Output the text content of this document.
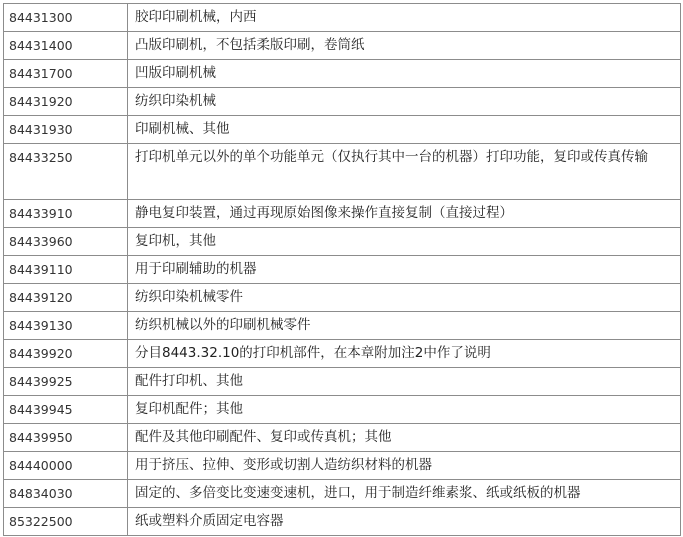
84431300	胶印印刷机械，内西
84431400	凸版印刷机，不包括柔版印刷，卷筒纸
84431700	凹版印刷机械
84431920	纺织印染机械
84431930	印刷机械、其他
84433250	打印机单元以外的单个功能单元（仅执行其中一台的机器）打印功能，复印或传真传输
84433910	静电复印装置，通过再现原始图像来操作直接复制（直接过程）
84433960	复印机，其他
84439110	用于印刷辅助的机器
84439120	纺织印染机械零件
84439130	纺织机械以外的印刷机械零件
84439920	分目8443.32.10的打印机部件，在本章附加注2中作了说明
84439925	配件打印机、其他
84439945	复印机配件；其他
84439950	配件及其他印刷配件、复印或传真机；其他
84440000	用于挤压、拉伸、变形或切割人造纺织材料的机器
84834030	固定的、多倍变比变速变速机，进口，用于制造纤维素浆、纸或纸板的机器
85322500	纸或塑料介质固定电容器
